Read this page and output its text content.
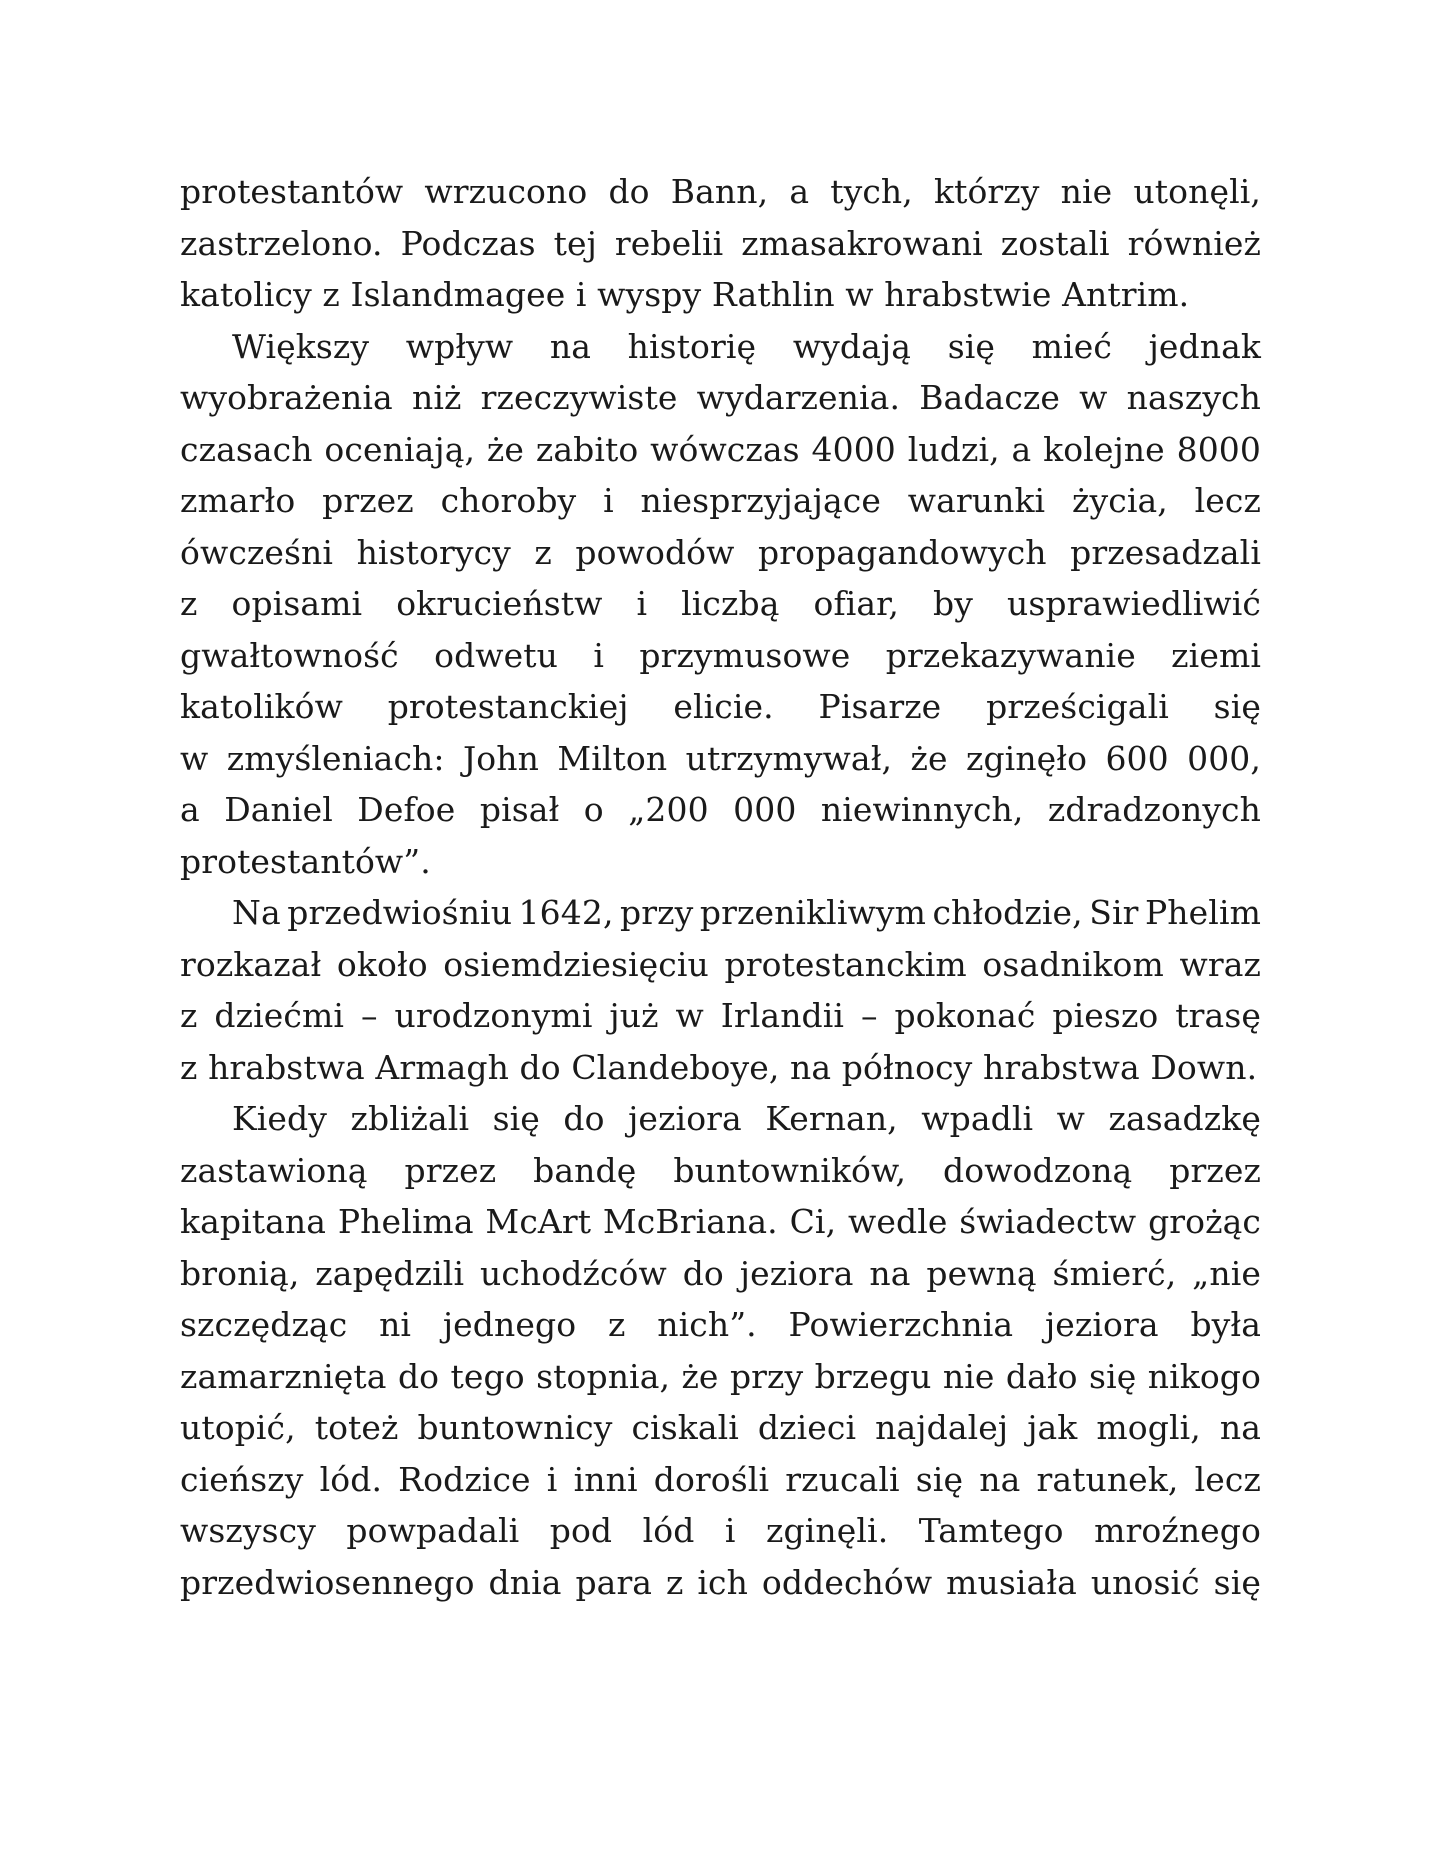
protestantów wrzucono do Bann, a tych, którzy nie utonęli,
zastrzelono. Podczas tej rebelii zmasakrowani zostali również
katolicy z Islandmagee i wyspy Rathlin w hrabstwie Antrim.

Większy wpływ na historię wydają się mieć jednak
wyobrażenia niż rzeczywiste wydarzenia. Badacze w naszych
czasach oceniają, że zabito wówczas 4000 ludzi, a kolejne 8000
zmarło przez choroby i niesprzyjające warunki życia, lecz
ówcześni historycy z powodów propagandowych przesadzali
z opisami okrucieństw i liczbą ofiar, by usprawiedliwić
gwałtowność odwetu i przymusowe przekazywanie ziemi
katolików protestanckiej elicie. Pisarze prześcigali się
w zmyśleniach: John Milton utrzymywał, że zginęło 600 000,
a Daniel Defoe pisał o „200 000 niewinnych, zdradzonych
protestantów”.

Na przedwiośniu 1642, przy przenikliwym chłodzie, Sir Phelim
rozkazał około osiemdziesięciu protestanckim osadnikom wraz
z dziećmi – urodzonymi już w Irlandii – pokonać pieszo trasę
z hrabstwa Armagh do Clandeboye, na północy hrabstwa Down.

Kiedy zbliżali się do jeziora Kernan, wpadli w zasadzkę
zastawioną przez bandę buntowników, dowodzoną przez
kapitana Phelima McArt McBriana. Ci, wedle świadectw grożąc
bronią, zapędzili uchodźców do jeziora na pewną śmierć, „nie
szczędząc ni jednego z nich”. Powierzchnia jeziora była
zamarznięta do tego stopnia, że przy brzegu nie dało się nikogo
utopić, toteż buntownicy ciskali dzieci najdalej jak mogli, na
cieńszy lód. Rodzice i inni dorośli rzucali się na ratunek, lecz
wszyscy powpadali pod lód i zginęli. Tamtego mroźnego
przedwiosennego dnia para z ich oddechów musiała unosić się
